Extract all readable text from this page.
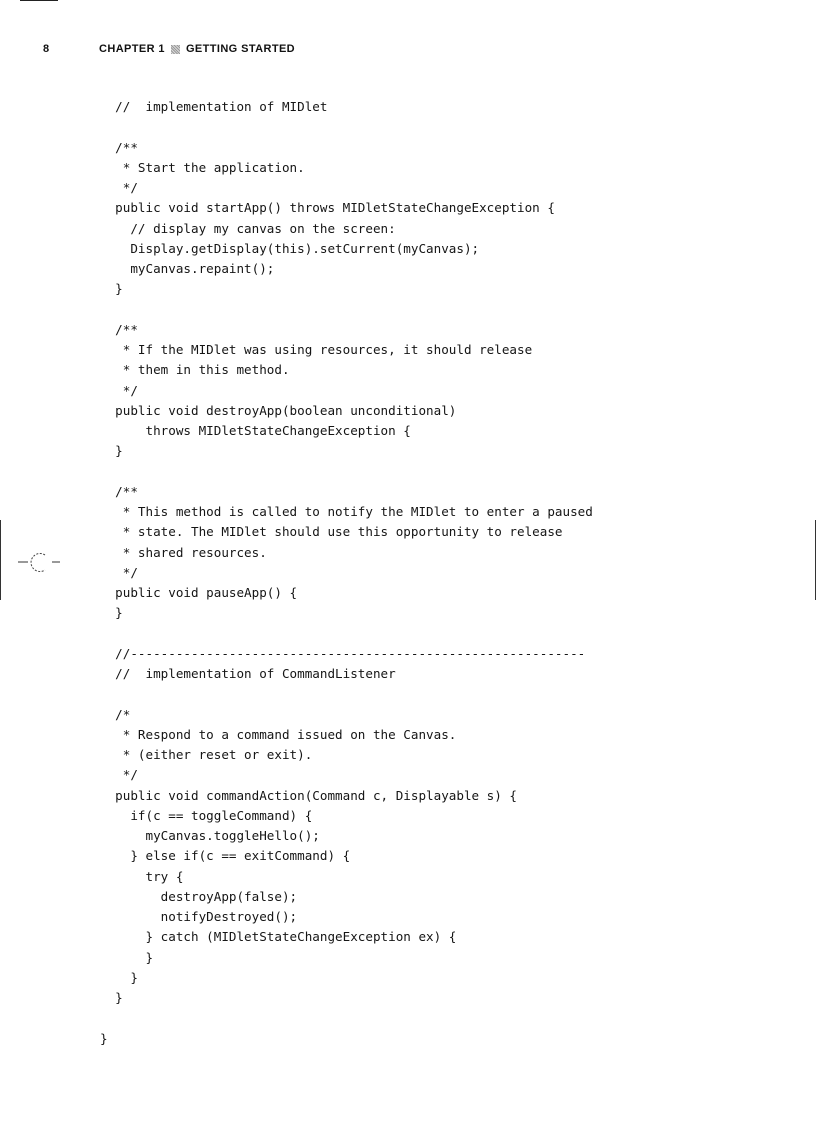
8	CHAPTER 1 GETTING STARTED
//  implementation of MIDlet
/**
* Start the application.
*/
public void startApp() throws MIDletStateChangeException {
// display my canvas on the screen:
Display.getDisplay(this).setCurrent(myCanvas);
myCanvas.repaint();
}
/**
* If the MIDlet was using resources, it should release
* them in this method.
*/
public void destroyApp(boolean unconditional)
throws MIDletStateChangeException {
}
/**
* This method is called to notify the MIDlet to enter a paused
* state. The MIDlet should use this opportunity to release
* shared resources.
*/
public void pauseApp() {
}
//------------------------------------------------------------
//  implementation of CommandListener
/*
* Respond to a command issued on the Canvas.
* (either reset or exit).
*/
public void commandAction(Command c, Displayable s) {
if(c == toggleCommand) {
myCanvas.toggleHello();
} else if(c == exitCommand) {
try {
destroyApp(false);
notifyDestroyed();
} catch (MIDletStateChangeException ex) {
}
}
}
}
